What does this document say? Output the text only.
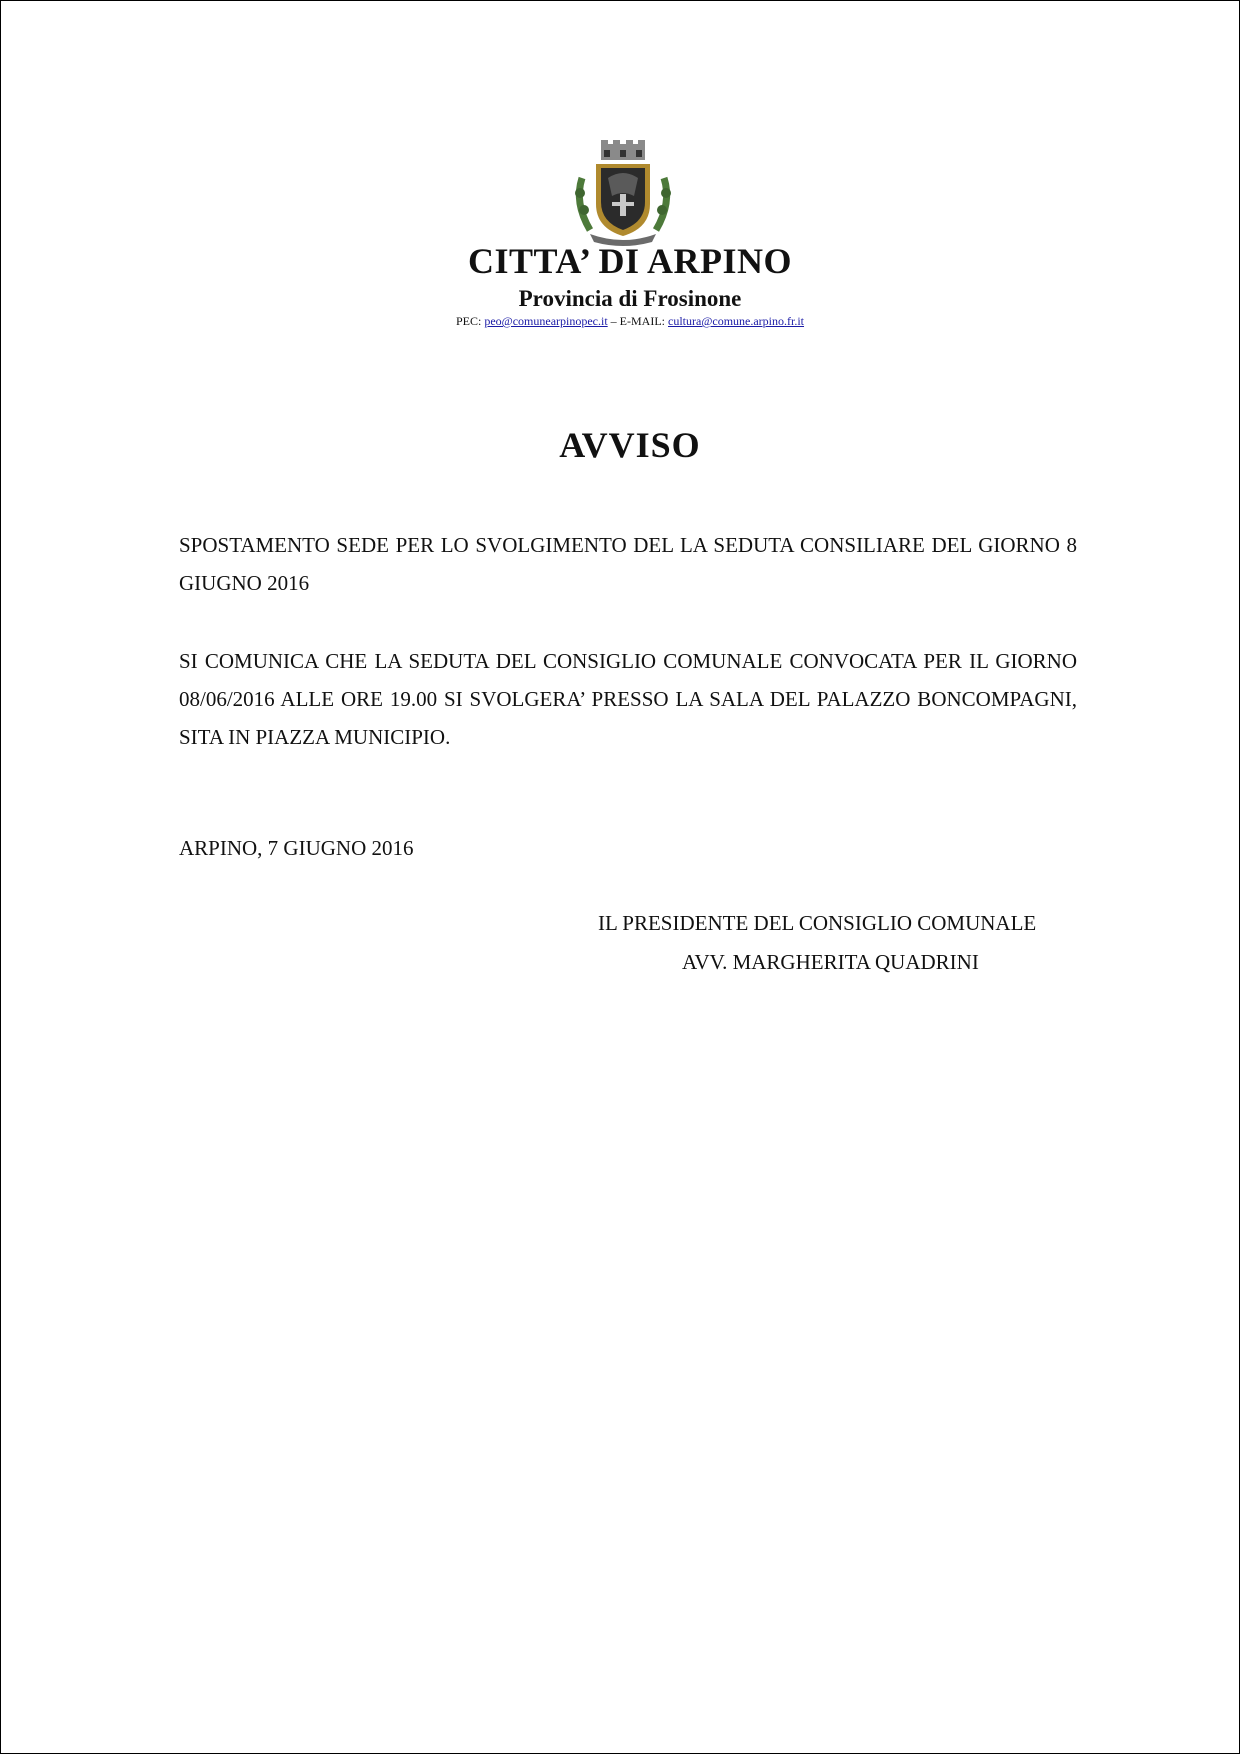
CITTA’ DI ARPINO
Provincia di Frosinone
PEC: peo@comunearpinopec.it – E-MAIL: cultura@comune.arpino.fr.it
AVVISO
SPOSTAMENTO SEDE PER LO SVOLGIMENTO DEL LA SEDUTA CONSILIARE DEL GIORNO 8 GIUGNO 2016
SI COMUNICA CHE LA SEDUTA DEL CONSIGLIO COMUNALE CONVOCATA PER IL GIORNO 08/06/2016 ALLE ORE 19.00 SI SVOLGERA’ PRESSO LA SALA DEL PALAZZO BONCOMPAGNI, SITA IN PIAZZA MUNICIPIO.
ARPINO, 7 GIUGNO 2016
IL PRESIDENTE DEL CONSIGLIO COMUNALE
AVV. MARGHERITA QUADRINI
